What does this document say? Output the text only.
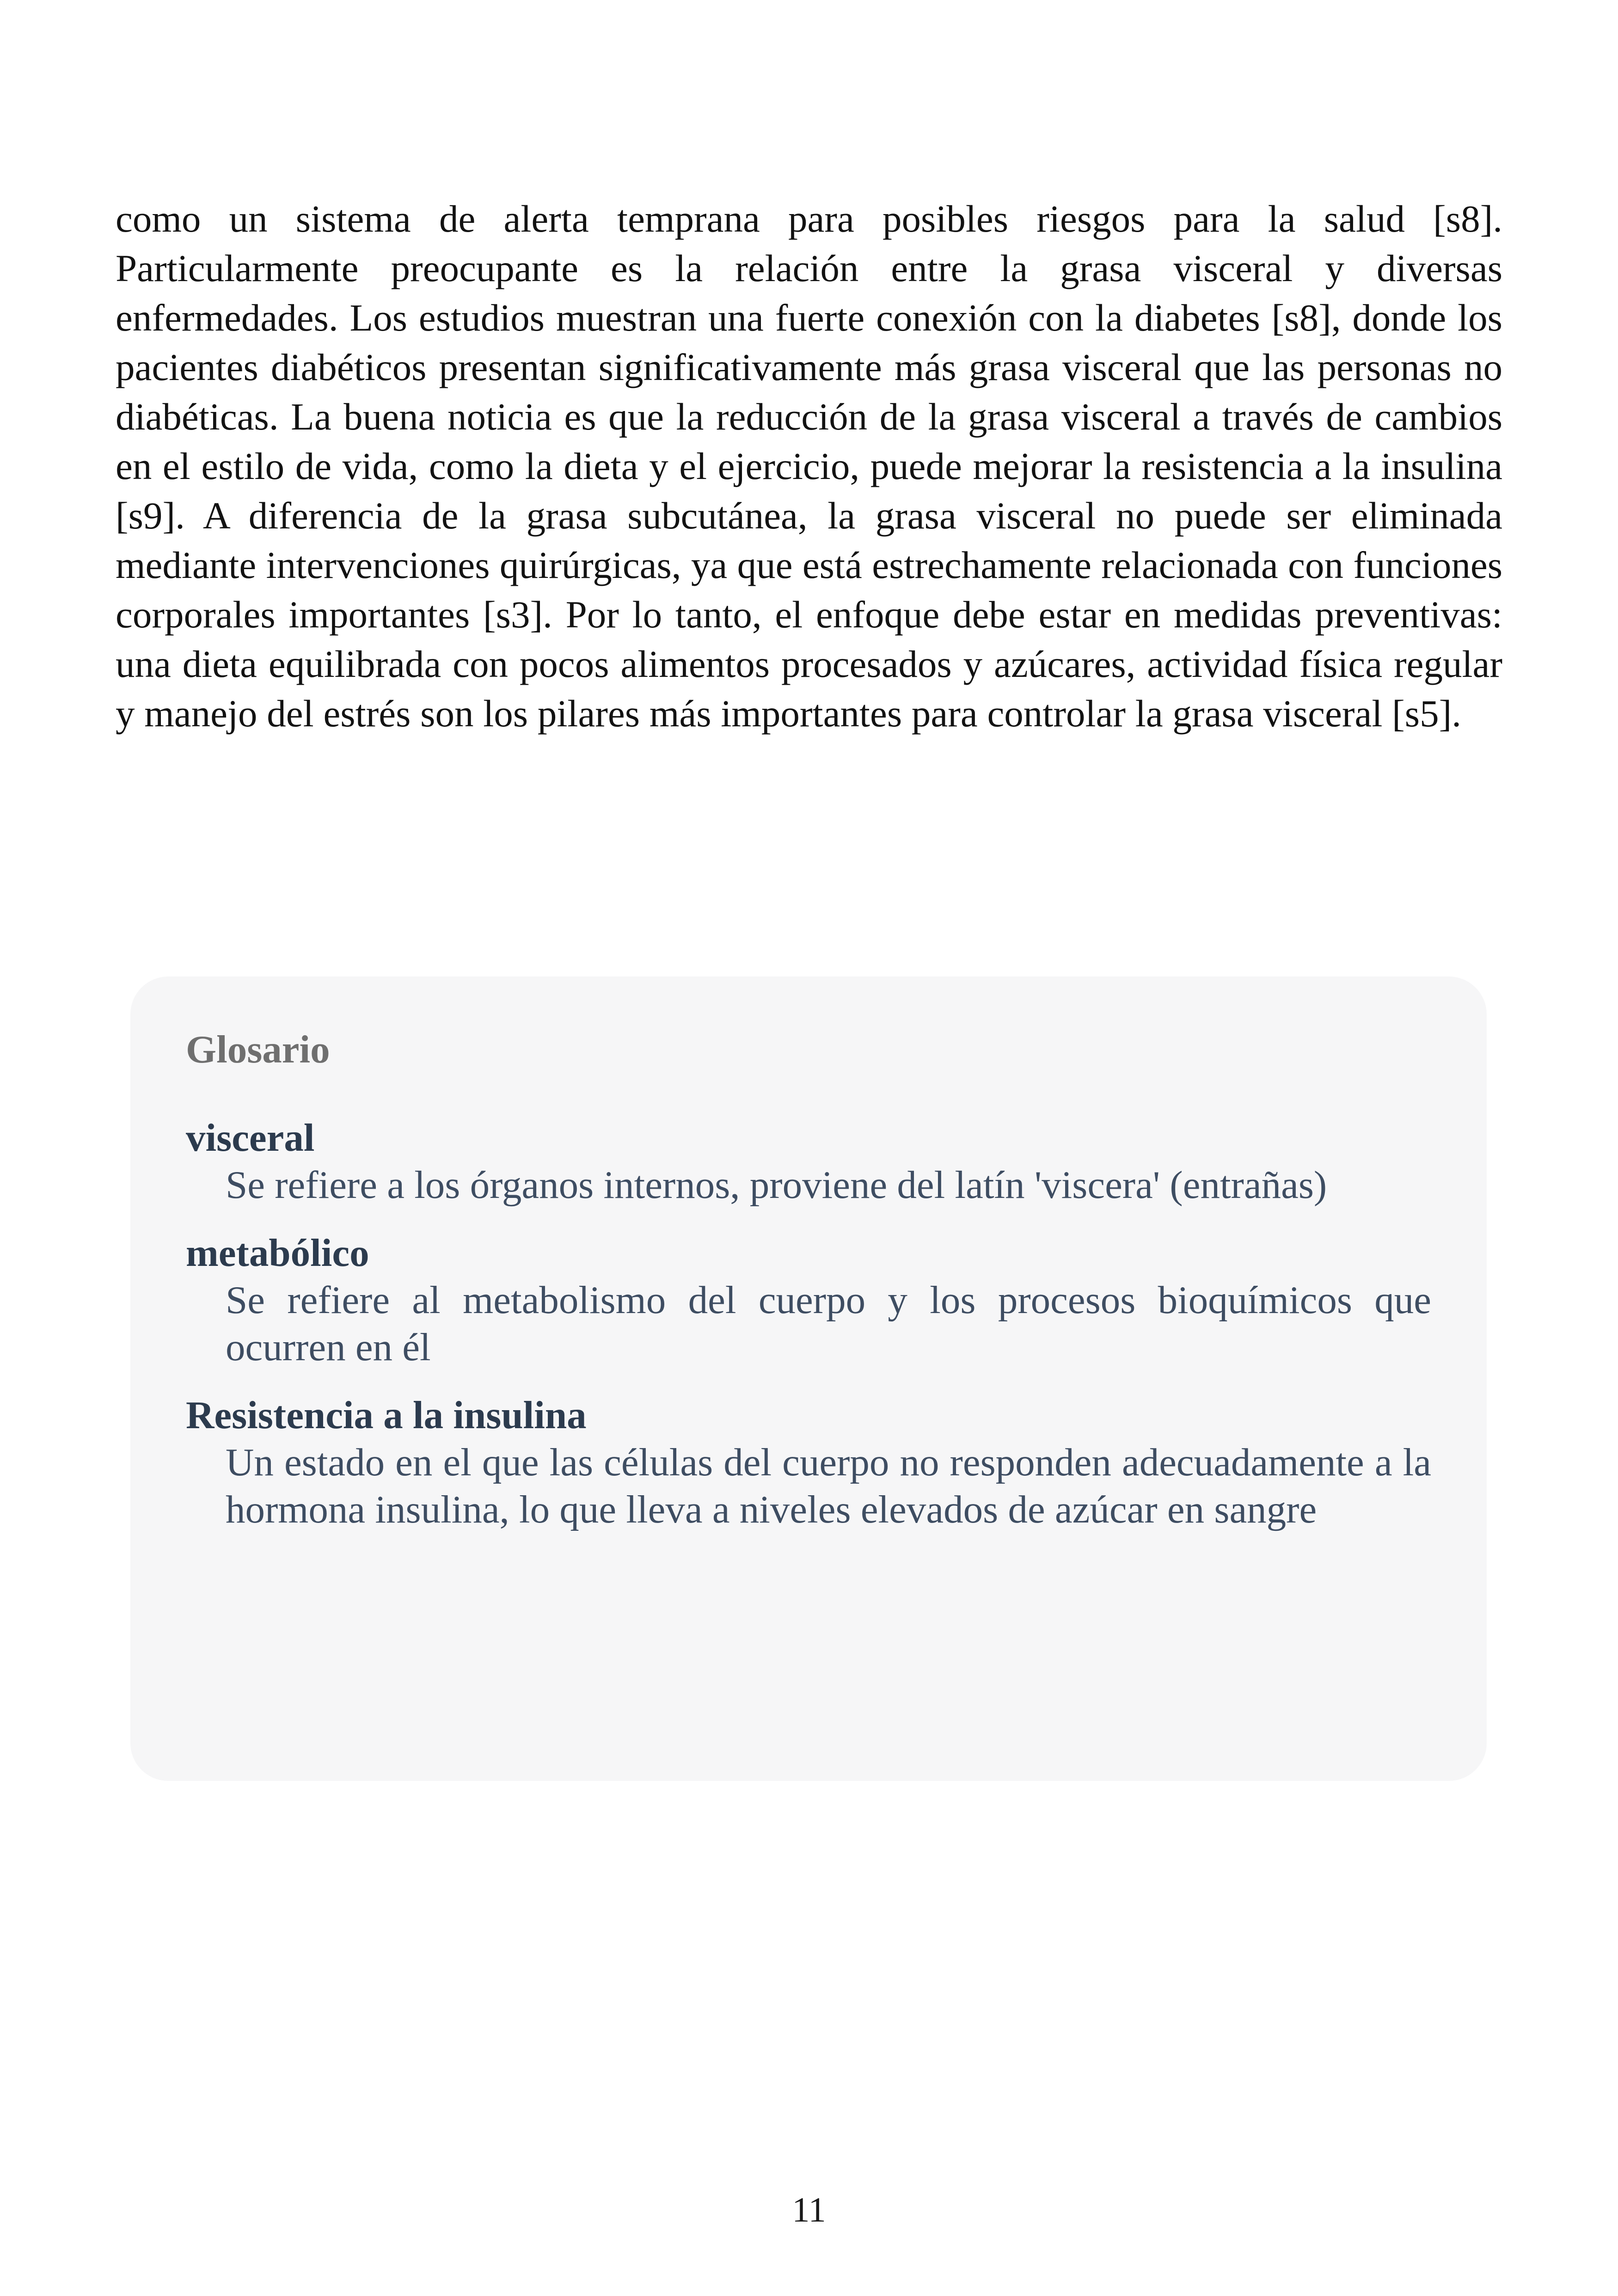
como un sistema de alerta temprana para posibles riesgos para la salud [s8]. Particularmente preocupante es la relación entre la grasa visceral y diversas enfermedades. Los estudios muestran una fuerte conexión con la diabetes [s8], donde los pacientes diabéticos presentan significativamente más grasa visceral que las personas no diabéticas. La buena noticia es que la reducción de la grasa visceral a través de cambios en el estilo de vida, como la dieta y el ejercicio, puede mejorar la resistencia a la insulina [s9]. A diferencia de la grasa subcutánea, la grasa visceral no puede ser eliminada mediante intervenciones quirúrgicas, ya que está estrechamente relacionada con funciones corporales importantes [s3]. Por lo tanto, el enfoque debe estar en medidas preventivas: una dieta equilibrada con pocos alimentos procesados y azúcares, actividad física regular y manejo del estrés son los pilares más importantes para controlar la grasa visceral [s5].

Glosario
visceral
Se refiere a los órganos internos, proviene del latín 'viscera' (entrañas)
metabólico
Se refiere al metabolismo del cuerpo y los procesos bioquímicos que ocurren en él
Resistencia a la insulina
Un estado en el que las células del cuerpo no responden adecuadamente a la hormona insulina, lo que lleva a niveles elevados de azúcar en sangre
11
